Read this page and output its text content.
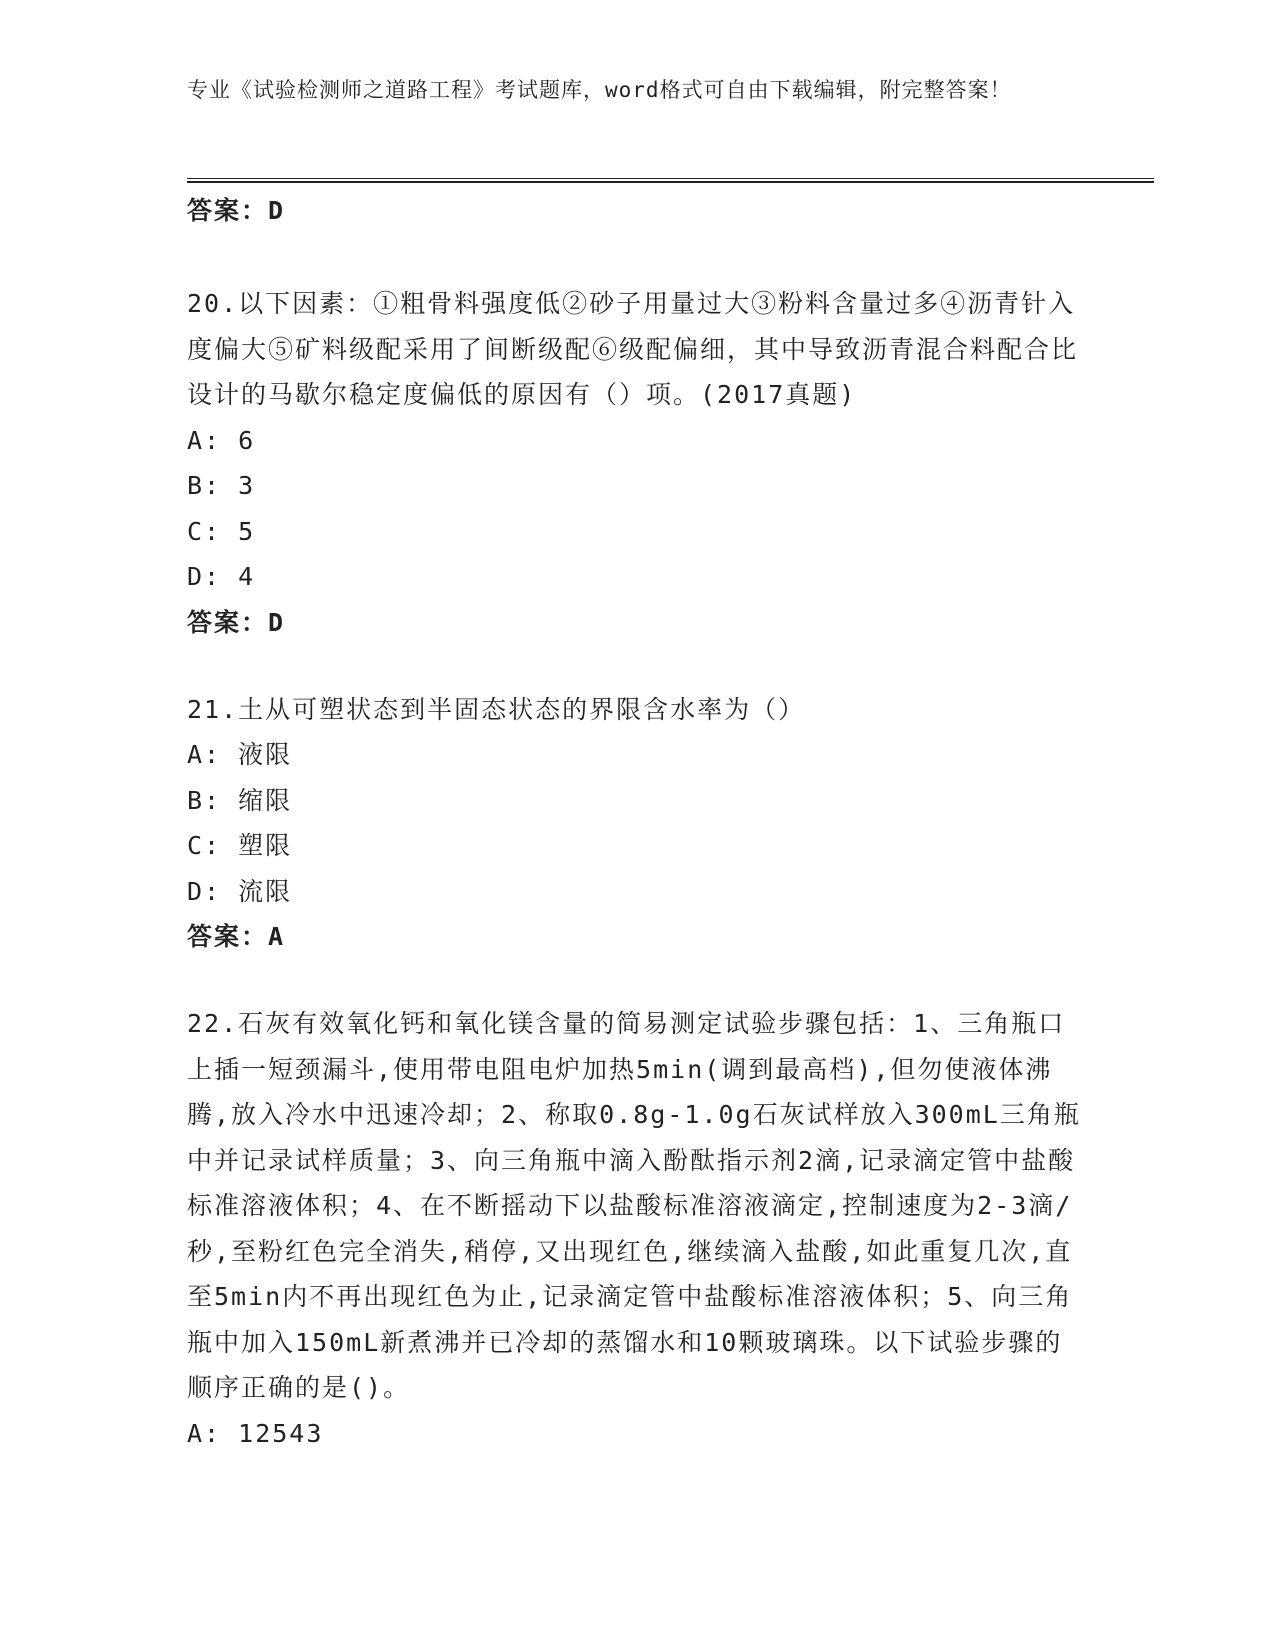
专业《试验检测师之道路工程》考试题库，word格式可自由下载编辑，附完整答案！

答案：D

20.以下因素：①粗骨料强度低②砂子用量过大③粉料含量过多④沥青针入度偏大⑤矿料级配采用了间断级配⑥级配偏细，其中导致沥青混合料配合比设计的马歇尔稳定度偏低的原因有（）项。(2017真题)

A: 6

B: 3

C: 5

D: 4

答案：D

21.土从可塑状态到半固态状态的界限含水率为（）

A: 液限

B: 缩限

C: 塑限

D: 流限

答案：A

22.石灰有效氧化钙和氧化镁含量的简易测定试验步骤包括：1、三角瓶口上插一短颈漏斗,使用带电阻电炉加热5min(调到最高档),但勿使液体沸腾,放入冷水中迅速冷却；2、称取0.8g-1.0g石灰试样放入300mL三角瓶中并记录试样质量；3、向三角瓶中滴入酚酞指示剂2滴,记录滴定管中盐酸标准溶液体积；4、在不断摇动下以盐酸标准溶液滴定,控制速度为2-3滴/秒,至粉红色完全消失,稍停,又出现红色,继续滴入盐酸,如此重复几次,直至5min内不再出现红色为止,记录滴定管中盐酸标准溶液体积；5、向三角瓶中加入150mL新煮沸并已冷却的蒸馏水和10颗玻璃珠。以下试验步骤的顺序正确的是()。

A: 12543
